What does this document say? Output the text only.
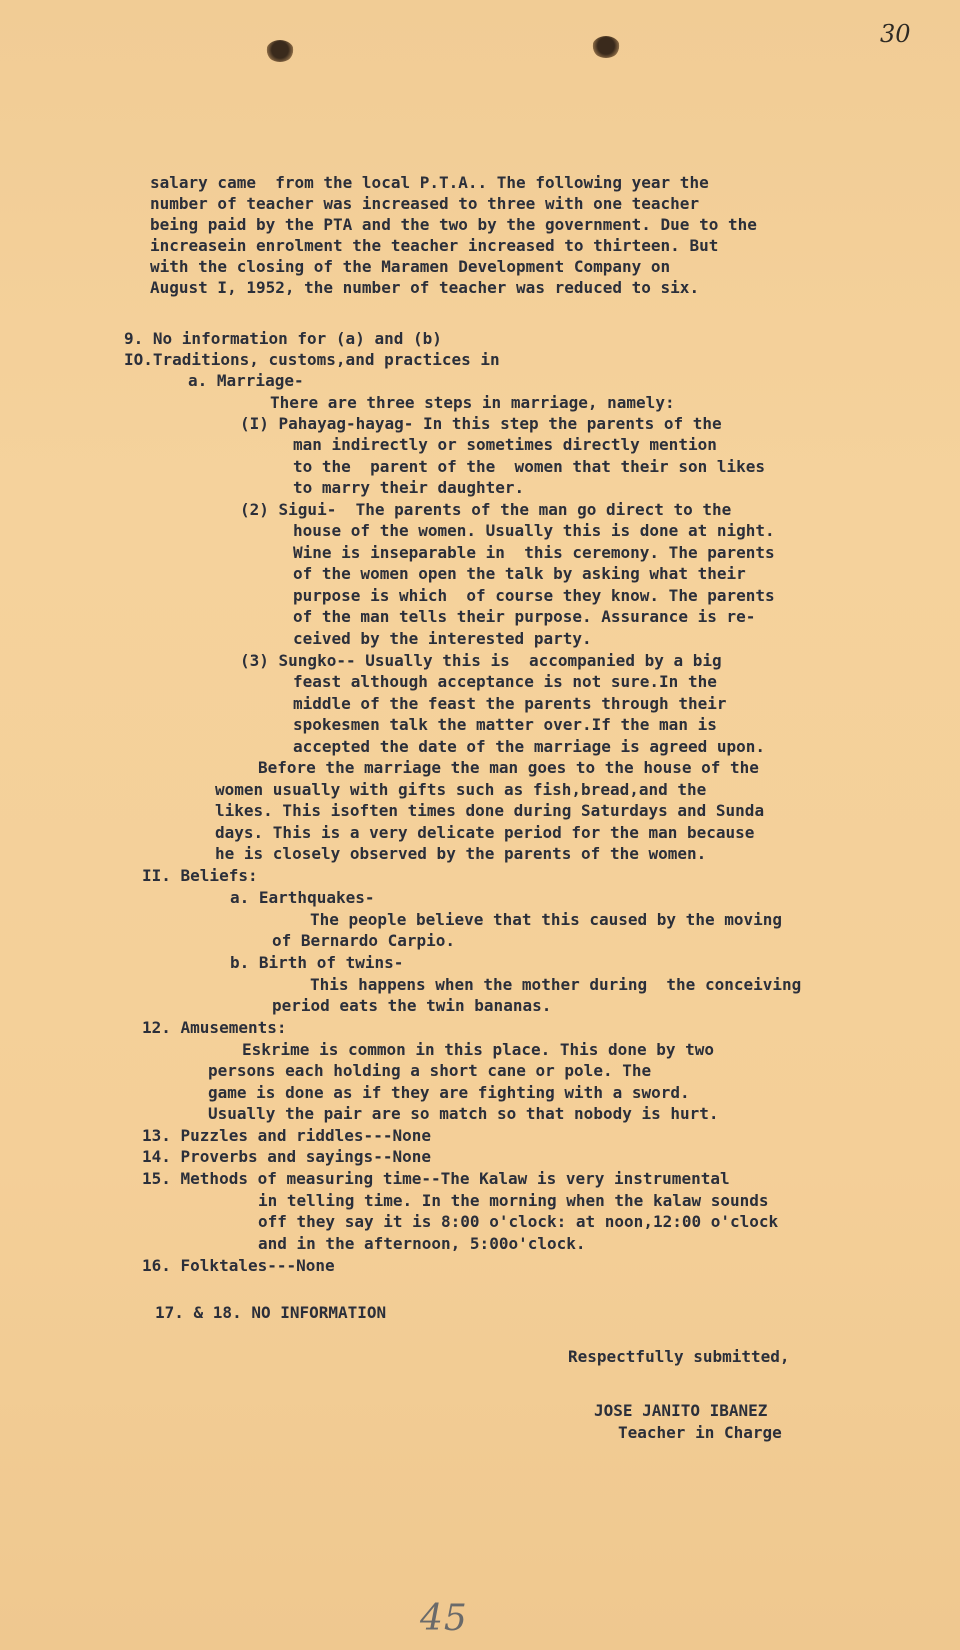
30

salary came  from the local P.T.A.. The following year the

number of teacher was increased to three with one teacher

being paid by the PTA and the two by the government. Due to the

increasein enrolment the teacher increased to thirteen. But

with the closing of the Maramen Development Company on

August I, 1952, the number of teacher was reduced to six.

9. No information for (a) and (b)

IO.Traditions, customs,and practices in

a. Marriage-

There are three steps in marriage, namely:

(I) Pahayag-hayag- In this step the parents of the

man indirectly or sometimes directly mention

to the  parent of the  women that their son likes

to marry their daughter.

(2) Sigui-  The parents of the man go direct to the

house of the women. Usually this is done at night.

Wine is inseparable in  this ceremony. The parents

of the women open the talk by asking what their

purpose is which  of course they know. The parents

of the man tells their purpose. Assurance is re-

ceived by the interested party.

(3) Sungko-- Usually this is  accompanied by a big

feast although acceptance is not sure.In the

middle of the feast the parents through their

spokesmen talk the matter over.If the man is

accepted the date of the marriage is agreed upon.

Before the marriage the man goes to the house of the

women usually with gifts such as fish,bread,and the

likes. This isoften times done during Saturdays and Sunda

days. This is a very delicate period for the man because

he is closely observed by the parents of the women.

II. Beliefs:

a. Earthquakes-

The people believe that this caused by the moving

of Bernardo Carpio.

b. Birth of twins-

This happens when the mother during  the conceiving

period eats the twin bananas.

12. Amusements:

Eskrime is common in this place. This done by two

persons each holding a short cane or pole. The

game is done as if they are fighting with a sword.

Usually the pair are so match so that nobody is hurt.

13. Puzzles and riddles---None

14. Proverbs and sayings--None

15. Methods of measuring time--The Kalaw is very instrumental

in telling time. In the morning when the kalaw sounds

off they say it is 8:00 o'clock: at noon,12:00 o'clock

and in the afternoon, 5:00o'clock.

16. Folktales---None

17. & 18. NO INFORMATION

Respectfully submitted,

JOSE JANITO IBANEZ

Teacher in Charge

45
